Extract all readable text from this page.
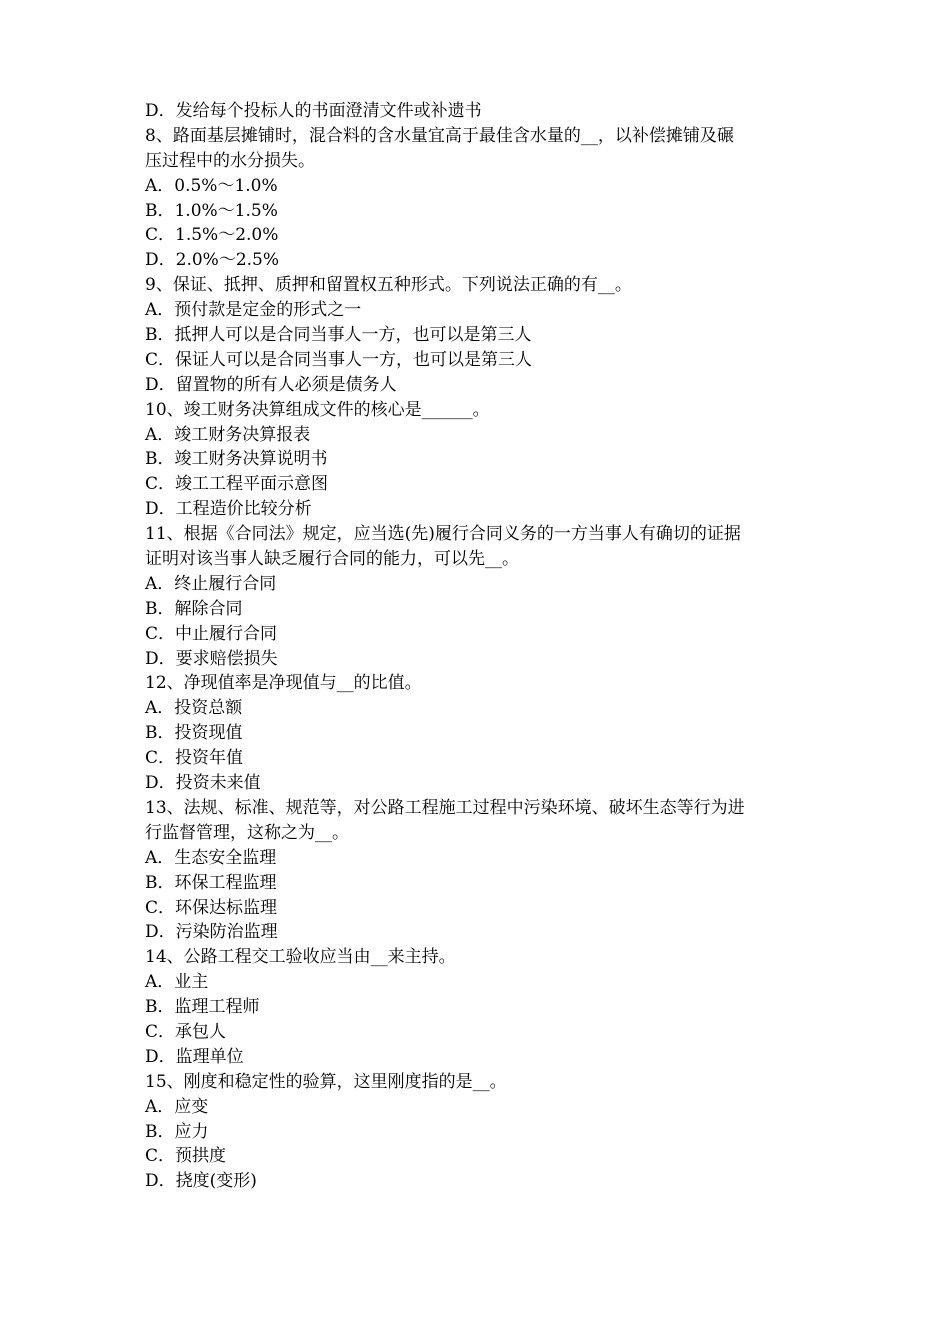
D．发给每个投标人的书面澄清文件或补遗书
8、路面基层摊铺时，混合料的含水量宜高于最佳含水量的__，以补偿摊铺及碾
压过程中的水分损失。
A．0.5%～1.0%
B．1.0%～1.5%
C．1.5%～2.0%
D．2.0%～2.5%
9、保证、抵押、质押和留置权五种形式。下列说法正确的有__。
A．预付款是定金的形式之一
B．抵押人可以是合同当事人一方，也可以是第三人
C．保证人可以是合同当事人一方，也可以是第三人
D．留置物的所有人必须是债务人
10、竣工财务决算组成文件的核心是______。
A．竣工财务决算报表
B．竣工财务决算说明书
C．竣工工程平面示意图
D．工程造价比较分析
11、根据《合同法》规定，应当选(先)履行合同义务的一方当事人有确切的证据
证明对该当事人缺乏履行合同的能力，可以先__。
A．终止履行合同
B．解除合同
C．中止履行合同
D．要求赔偿损失
12、净现值率是净现值与__的比值。
A．投资总额
B．投资现值
C．投资年值
D．投资未来值
13、法规、标准、规范等，对公路工程施工过程中污染环境、破坏生态等行为进
行监督管理，这称之为__。
A．生态安全监理
B．环保工程监理
C．环保达标监理
D．污染防治监理
14、公路工程交工验收应当由__来主持。
A．业主
B．监理工程师
C．承包人
D．监理单位
15、刚度和稳定性的验算，这里刚度指的是__。
A．应变
B．应力
C．预拱度
D．挠度(变形)
